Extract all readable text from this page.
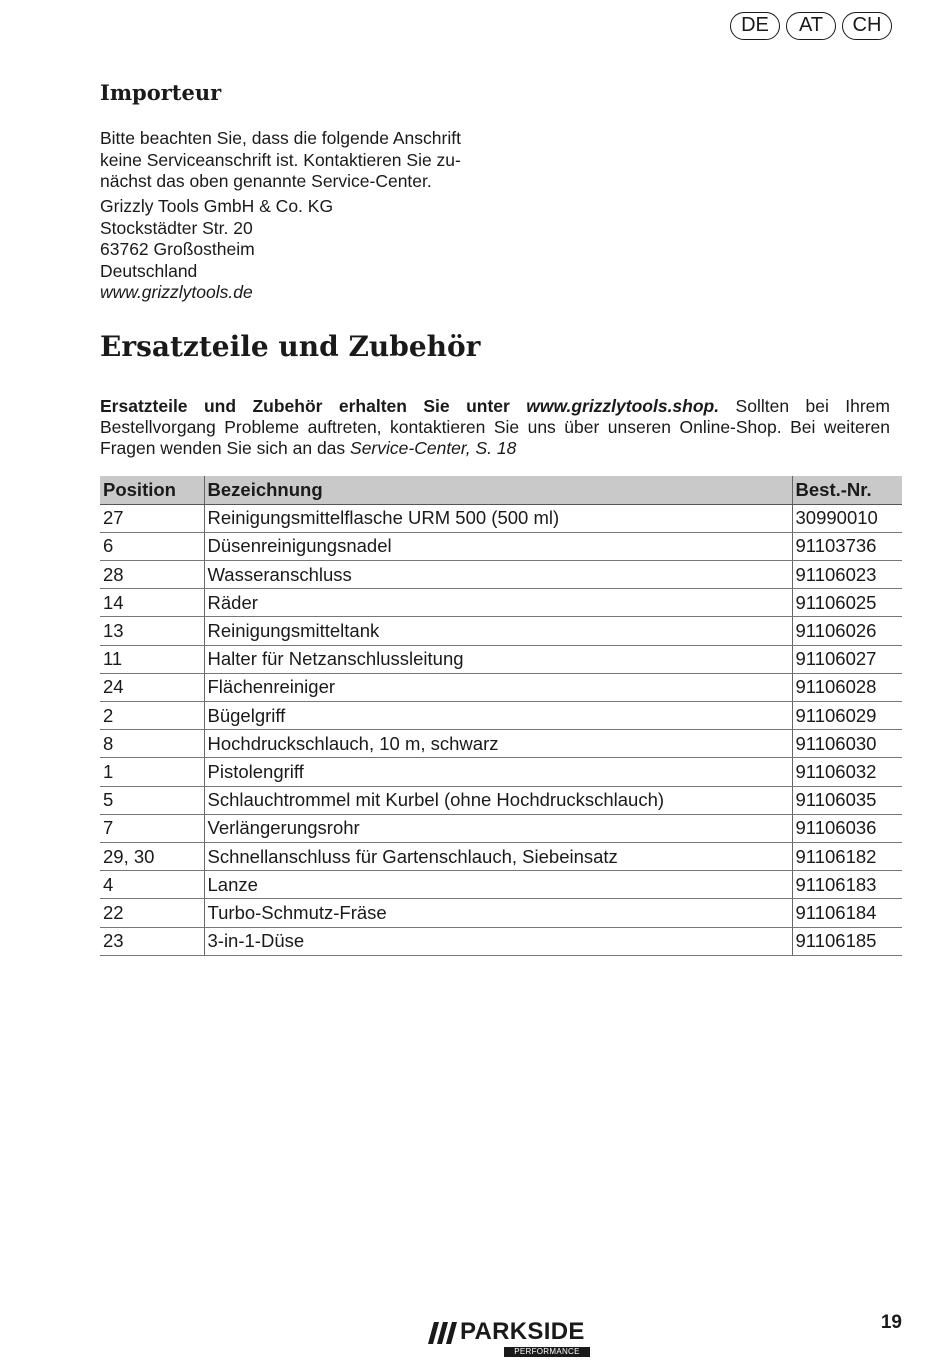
DE	AT	CH
Importeur
Bitte beachten Sie, dass die folgende Anschrift
keine Serviceanschrift ist. Kontaktieren Sie zu-
nächst das oben genannte Service-Center.
Grizzly Tools GmbH & Co. KG
Stockstädter Str. 20
63762 Großostheim
Deutschland
www.grizzlytools.de
Ersatzteile und Zubehör

Ersatzteile und Zubehör erhalten Sie unter www.grizzlytools.shop. Sollten bei Ihrem Bestellvorgang Probleme auftreten, kontaktieren Sie uns über unseren Online-Shop. Bei weiteren Fragen wenden Sie sich an das Service-Center, S. 18

Position	Bezeichnung	Best.-Nr.
27	Reinigungsmittelflasche URM 500 (500 ml)	30990010
6	Düsenreinigungsnadel	91103736
28	Wasseranschluss	91106023
14	Räder	91106025
13	Reinigungsmitteltank	91106026
11	Halter für Netzanschlussleitung	91106027
24	Flächenreiniger	91106028
2	Bügelgriff	91106029
8	Hochdruckschlauch, 10 m, schwarz	91106030
1	Pistolengriff	91106032
5	Schlauchtrommel mit Kurbel (ohne Hochdruckschlauch)	91106035
7	Verlängerungsrohr	91106036
29, 30	Schnellanschluss für Gartenschlauch, Siebeinsatz	91106182
4	Lanze	91106183
22	Turbo-Schmutz-Fräse	91106184
23	3-in-1-Düse	91106185
PARKSIDE
PERFORMANCE
19
